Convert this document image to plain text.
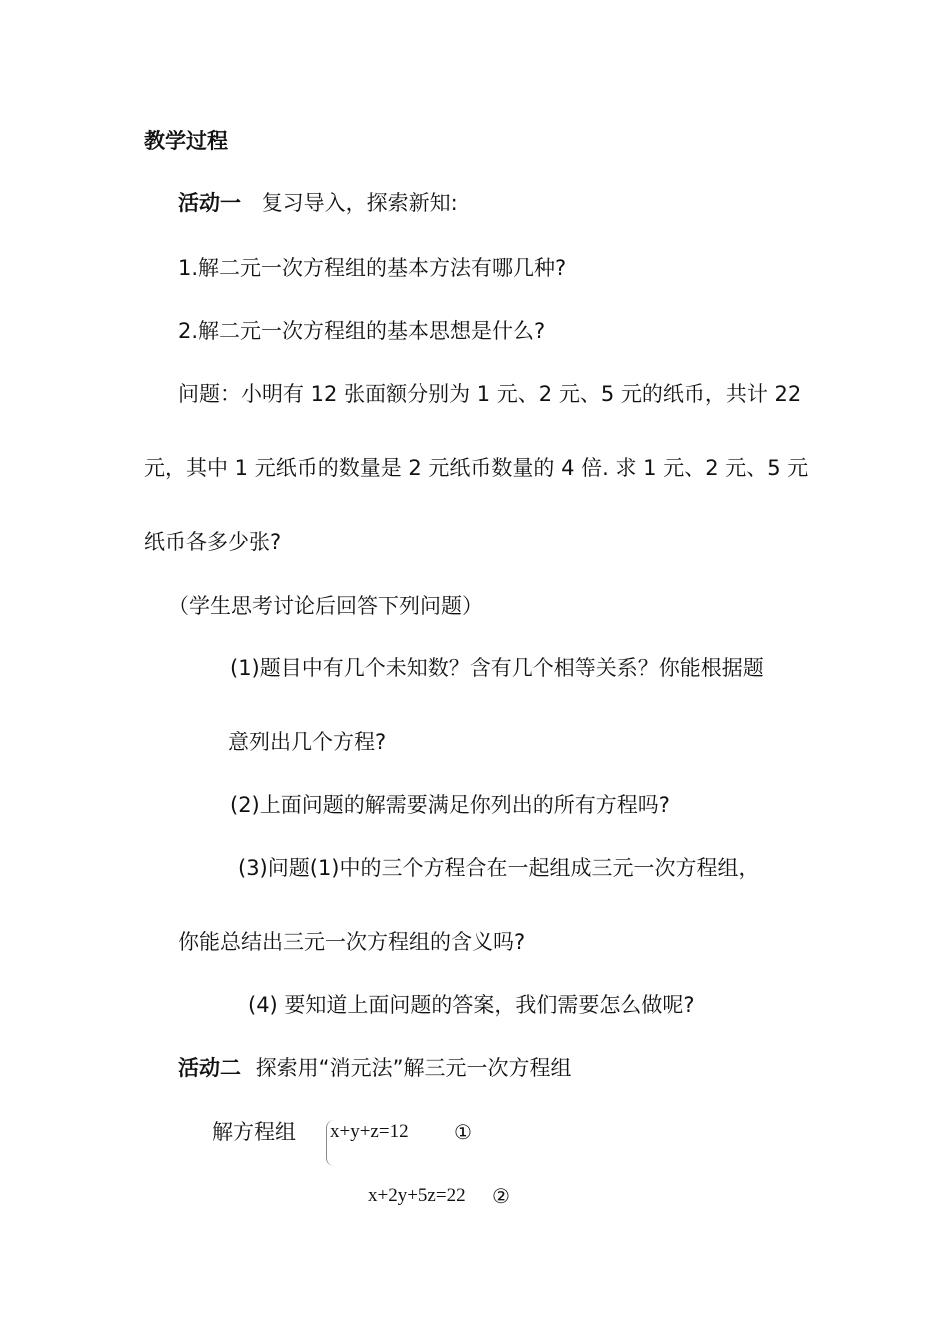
教学过程
活动一 复习导入，探索新知:
1.解二元一次方程组的基本方法有哪几种?
2.解二元一次方程组的基本思想是什么?
问题：小明有 12 张面额分别为 1 元、2 元、5 元的纸币，共计 22
元，其中 1 元纸币的数量是 2 元纸币数量的 4 倍. 求 1 元、2 元、5 元
纸币各多少张?
（学生思考讨论后回答下列问题）
(1)题目中有几个未知数？含有几个相等关系？你能根据题
意列出几个方程?
(2)上面问题的解需要满足你列出的所有方程吗?
(3)问题(1)中的三个方程合在一起组成三元一次方程组，
你能总结出三元一次方程组的含义吗?
(4) 要知道上面问题的答案，我们需要怎么做呢?
活动二 探索用“消元法”解三元一次方程组
解方程组 x+y+z=12 ①
x+2y+5z=22 ②
